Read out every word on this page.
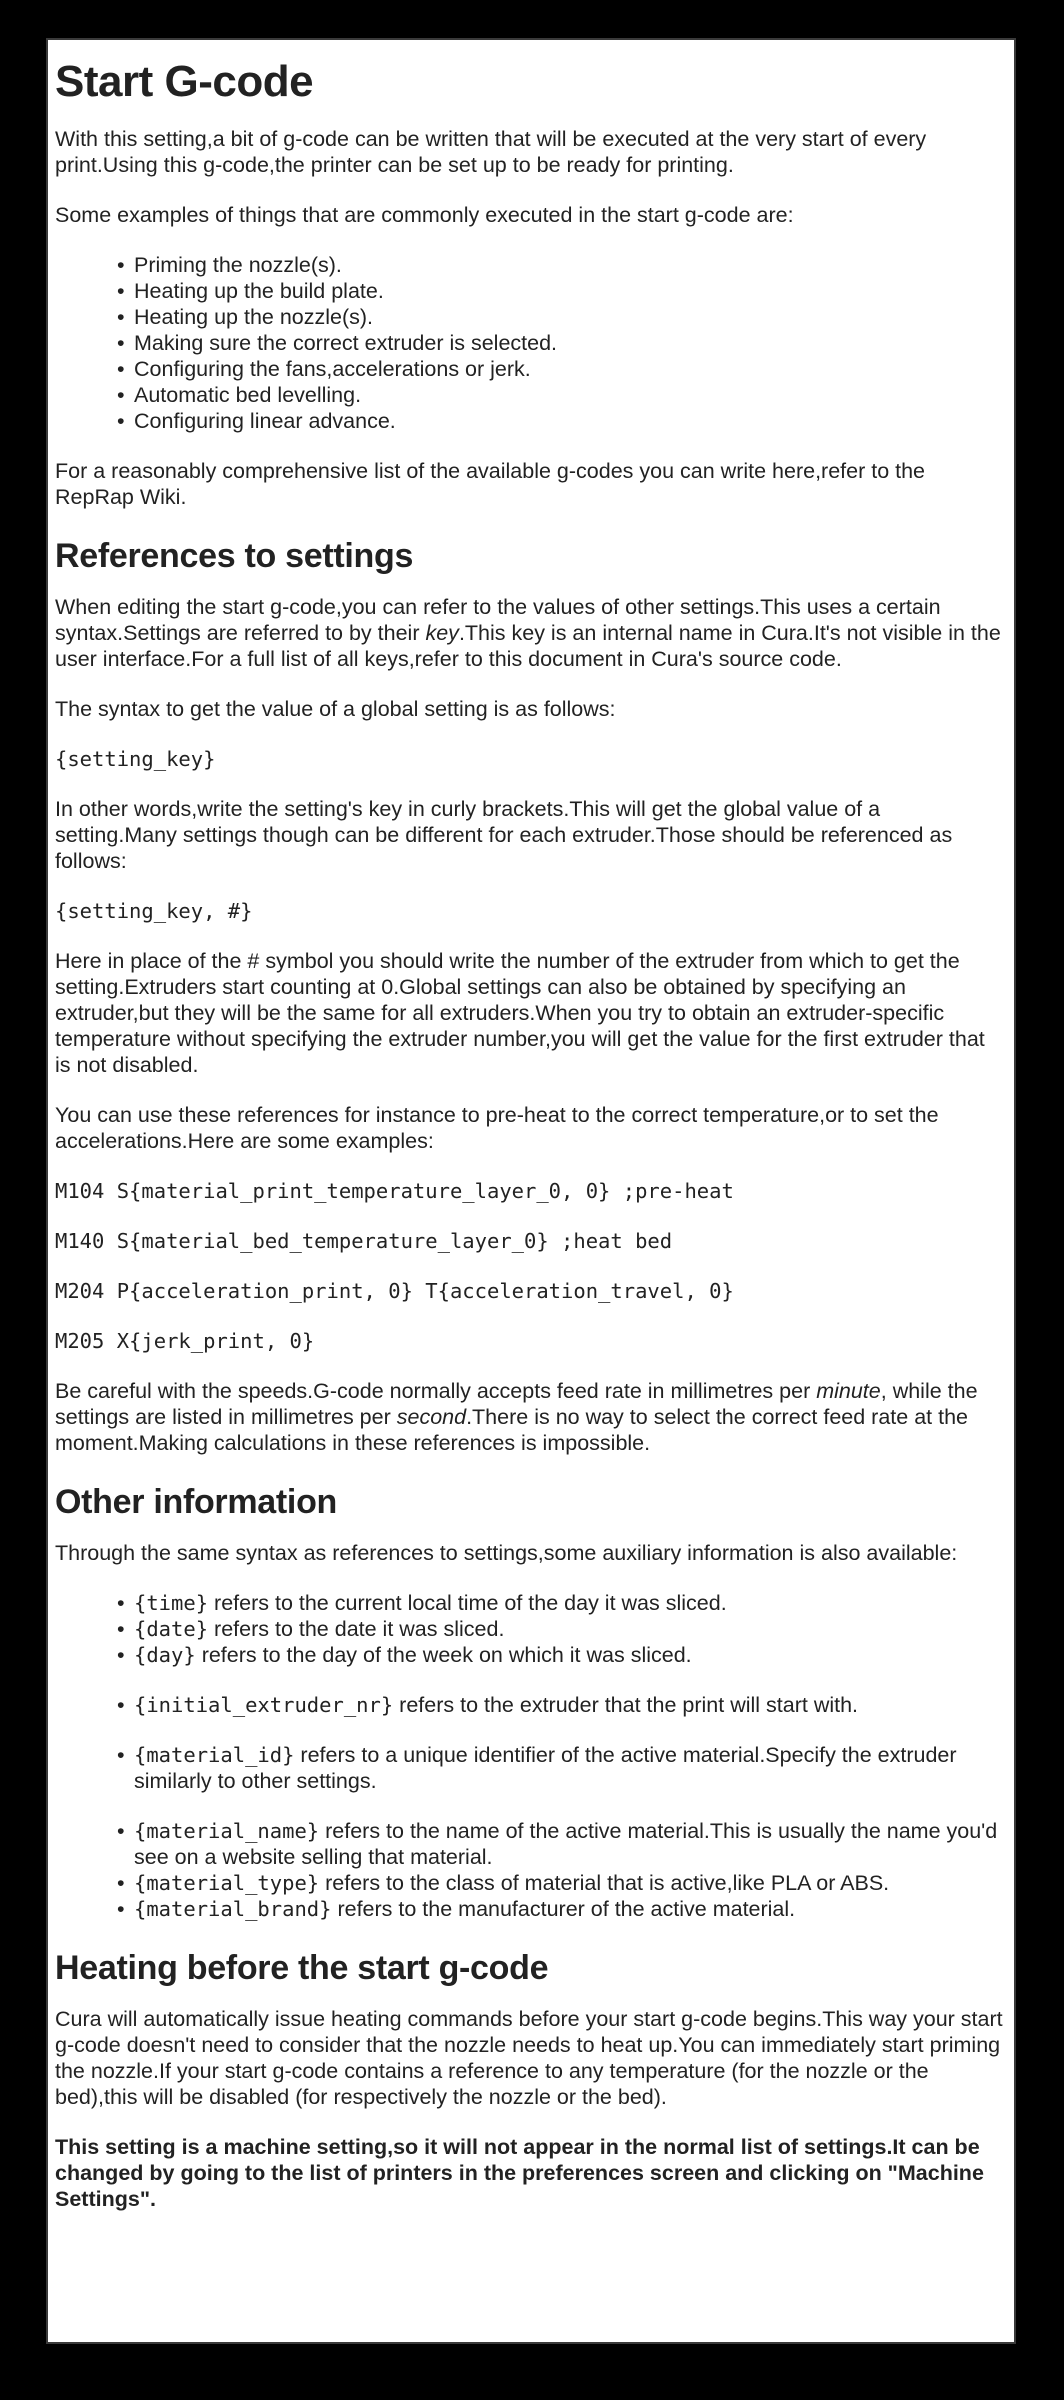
Start G-code

With this setting,a bit of g-code can be written that will be executed at the very start of every print.Using this g-code,the printer can be set up to be ready for printing.

Some examples of things that are commonly executed in the start g-code are:

• Priming the nozzle(s).
• Heating up the build plate.
• Heating up the nozzle(s).
• Making sure the correct extruder is selected.
• Configuring the fans,accelerations or jerk.
• Automatic bed levelling.
• Configuring linear advance.

For a reasonably comprehensive list of the available g-codes you can write here,refer to the RepRap Wiki.

References to settings

When editing the start g-code,you can refer to the values of other settings.This uses a certain syntax.Settings are referred to by their key.This key is an internal name in Cura.It's not visible in the user interface.For a full list of all keys,refer to this document in Cura's source code.

The syntax to get the value of a global setting is as follows:

{setting_key}

In other words,write the setting's key in curly brackets.This will get the global value of a setting.Many settings though can be different for each extruder.Those should be referenced as follows:

{setting_key, #}

Here in place of the # symbol you should write the number of the extruder from which to get the setting.Extruders start counting at 0.Global settings can also be obtained by specifying an extruder,but they will be the same for all extruders.When you try to obtain an extruder-specific temperature without specifying the extruder number,you will get the value for the first extruder that is not disabled.

You can use these references for instance to pre-heat to the correct temperature,or to set the accelerations.Here are some examples:

M104 S{material_print_temperature_layer_0, 0} ;pre-heat
M140 S{material_bed_temperature_layer_0} ;heat bed
M204 P{acceleration_print, 0} T{acceleration_travel, 0}
M205 X{jerk_print, 0}

Be careful with the speeds.G-code normally accepts feed rate in millimetres per minute, while the settings are listed in millimetres per second.There is no way to select the correct feed rate at the moment.Making calculations in these references is impossible.

Other information

Through the same syntax as references to settings,some auxiliary information is also available:

• {time} refers to the current local time of the day it was sliced.
• {date} refers to the date it was sliced.
• {day} refers to the day of the week on which it was sliced.
• {initial_extruder_nr} refers to the extruder that the print will start with.
• {material_id} refers to a unique identifier of the active material.Specify the extruder similarly to other settings.
• {material_name} refers to the name of the active material.This is usually the name you'd see on a website selling that material.
• {material_type} refers to the class of material that is active,like PLA or ABS.
• {material_brand} refers to the manufacturer of the active material.
Heating before the start g-code

Cura will automatically issue heating commands before your start g-code begins.This way your start g-code doesn't need to consider that the nozzle needs to heat up.You can immediately start priming the nozzle.If your start g-code contains a reference to any temperature (for the nozzle or the bed),this will be disabled (for respectively the nozzle or the bed).

This setting is a machine setting,so it will not appear in the normal list of settings.It can be changed by going to the list of printers in the preferences screen and clicking on "Machine Settings".
